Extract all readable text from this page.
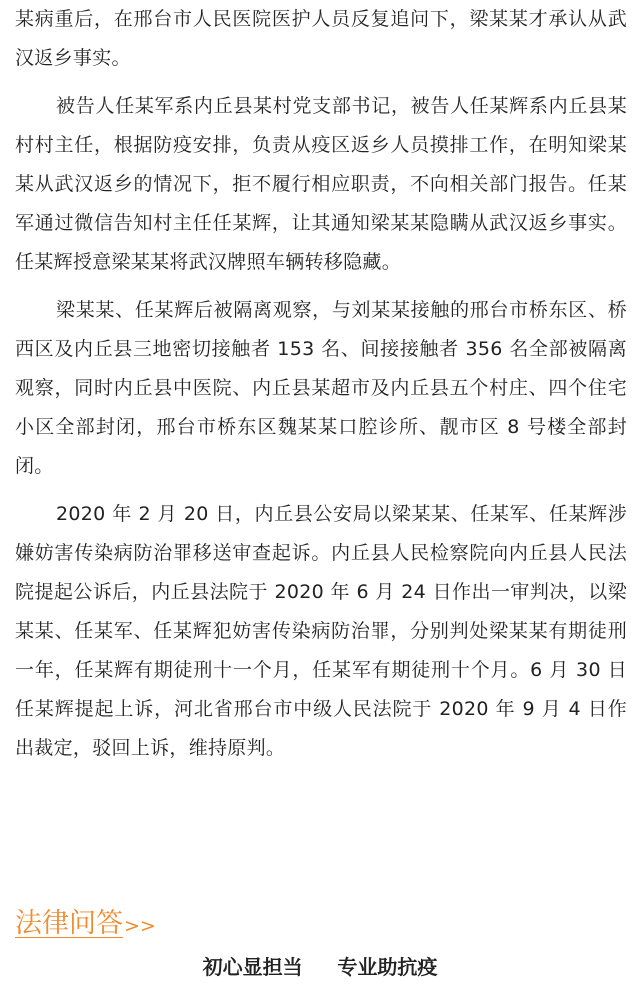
某病重后，在邢台市人民医院医护人员反复追问下，梁某某才承认从武汉返乡事实。

被告人任某军系内丘县某村党支部书记，被告人任某辉系内丘县某村村主任，根据防疫安排，负责从疫区返乡人员摸排工作，在明知梁某某从武汉返乡的情况下，拒不履行相应职责，不向相关部门报告。任某军通过微信告知村主任任某辉，让其通知梁某某隐瞒从武汉返乡事实。任某辉授意梁某某将武汉牌照车辆转移隐藏。

梁某某、任某辉后被隔离观察，与刘某某接触的邢台市桥东区、桥西区及内丘县三地密切接触者 153 名、间接接触者 356 名全部被隔离观察，同时内丘县中医院、内丘县某超市及内丘县五个村庄、四个住宅小区全部封闭，邢台市桥东区魏某某口腔诊所、靓市区 8 号楼全部封闭。

2020 年 2 月 20 日，内丘县公安局以梁某某、任某军、任某辉涉嫌妨害传染病防治罪移送审查起诉。内丘县人民检察院向内丘县人民法院提起公诉后，内丘县法院于 2020 年 6 月 24 日作出一审判决，以梁某某、任某军、任某辉犯妨害传染病防治罪，分别判处梁某某有期徒刑一年，任某辉有期徒刑十一个月，任某军有期徒刑十个月。6 月 30 日任某辉提起上诉，河北省邢台市中级人民法院于 2020 年 9 月 4 日作出裁定，驳回上诉，维持原判。

法律问答>>
初心显担当     专业助抗疫
